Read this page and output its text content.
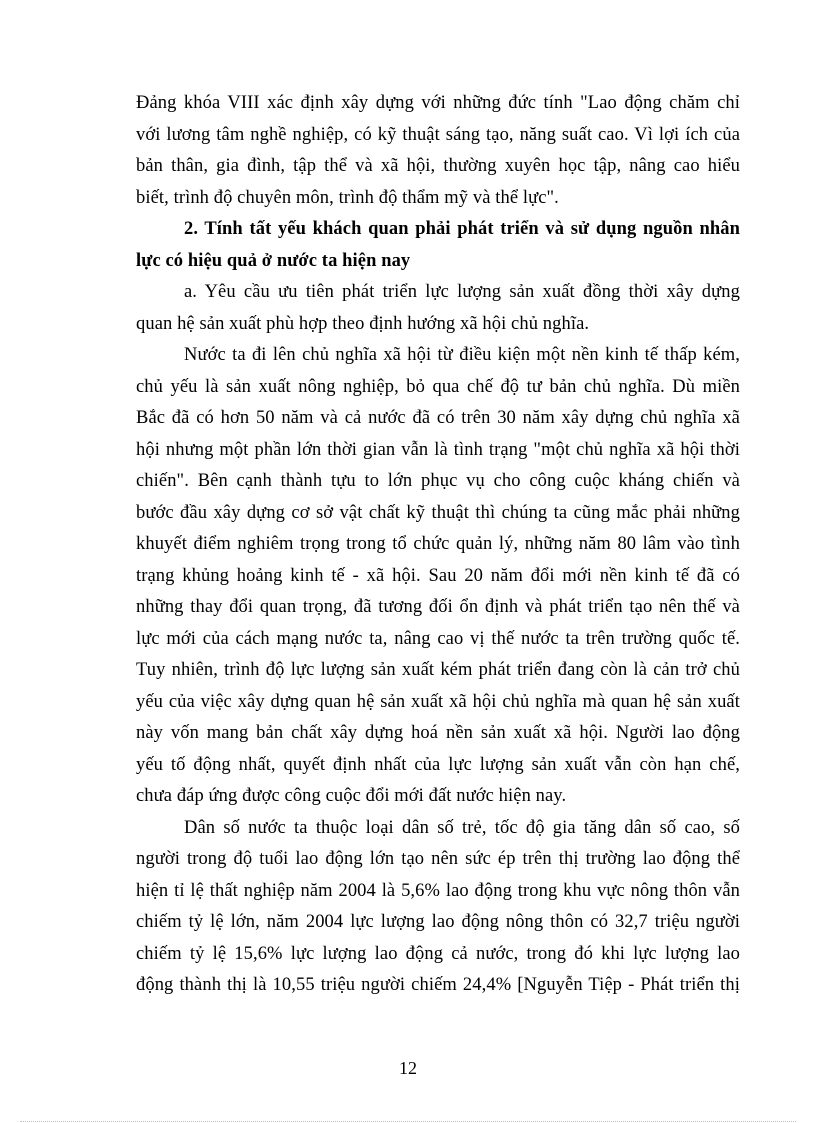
Đảng khóa VIII xác định xây dựng với những đức tính "Lao động chăm chỉ
với lương tâm nghề nghiệp, có kỹ thuật sáng tạo, năng suất cao. Vì lợi ích của
bản thân, gia đình, tập thể và xã hội, thường xuyên học tập, nâng cao hiểu
biết, trình độ chuyên môn, trình độ thẩm mỹ và thể lực".
2. Tính tất yếu khách quan phải phát triển và sử dụng nguồn nhân
lực có hiệu quả ở nước ta hiện nay
a. Yêu cầu ưu tiên phát triển lực lượng sản xuất đồng thời xây dựng
quan hệ sản xuất phù hợp theo định hướng xã hội chủ nghĩa.
Nước ta đi lên chủ nghĩa xã hội từ điều kiện một nền kinh tế thấp kém,
chủ yếu là sản xuất nông nghiệp, bỏ qua chế độ tư bản chủ nghĩa. Dù miền
Bắc đã có hơn 50 năm và cả nước đã có trên 30 năm xây dựng chủ nghĩa xã
hội nhưng một phần lớn thời gian vẫn là tình trạng "một chủ nghĩa xã hội thời
chiến". Bên cạnh thành tựu to lớn phục vụ cho công cuộc kháng chiến và
bước đầu xây dựng cơ sở vật chất kỹ thuật thì chúng ta cũng mắc phải những
khuyết điểm nghiêm trọng trong tổ chức quản lý, những năm 80 lâm vào tình
trạng khủng hoảng kinh tế - xã hội. Sau 20 năm đổi mới nền kinh tế đã có
những thay đổi quan trọng, đã tương đối ổn định và phát triển tạo nên thế và
lực mới của cách mạng nước ta, nâng cao vị thế nước ta trên trường quốc tế.
Tuy nhiên, trình độ lực lượng sản xuất kém phát triển đang còn là cản trở chủ
yếu của việc xây dựng quan hệ sản xuất xã hội chủ nghĩa mà quan hệ sản xuất
này vốn mang bản chất xây dựng hoá nền sản xuất xã hội. Người lao động
yếu tố động nhất, quyết định nhất của lực lượng sản xuất vẫn còn hạn chế,
chưa đáp ứng được công cuộc đổi mới đất nước hiện nay.
Dân số nước ta thuộc loại dân số trẻ, tốc độ gia tăng dân số cao, số
người trong độ tuổi lao động lớn tạo nên sức ép trên thị trường lao động thể
hiện tỉ lệ thất nghiệp năm 2004 là 5,6% lao động trong khu vực nông thôn vẫn
chiếm tỷ lệ lớn, năm 2004 lực lượng lao động nông thôn có 32,7 triệu người
chiếm tỷ lệ 15,6% lực lượng lao động cả nước, trong đó khi lực lượng lao
động thành thị là 10,55 triệu người chiếm 24,4% [Nguyễn Tiệp - Phát triển thị
12
